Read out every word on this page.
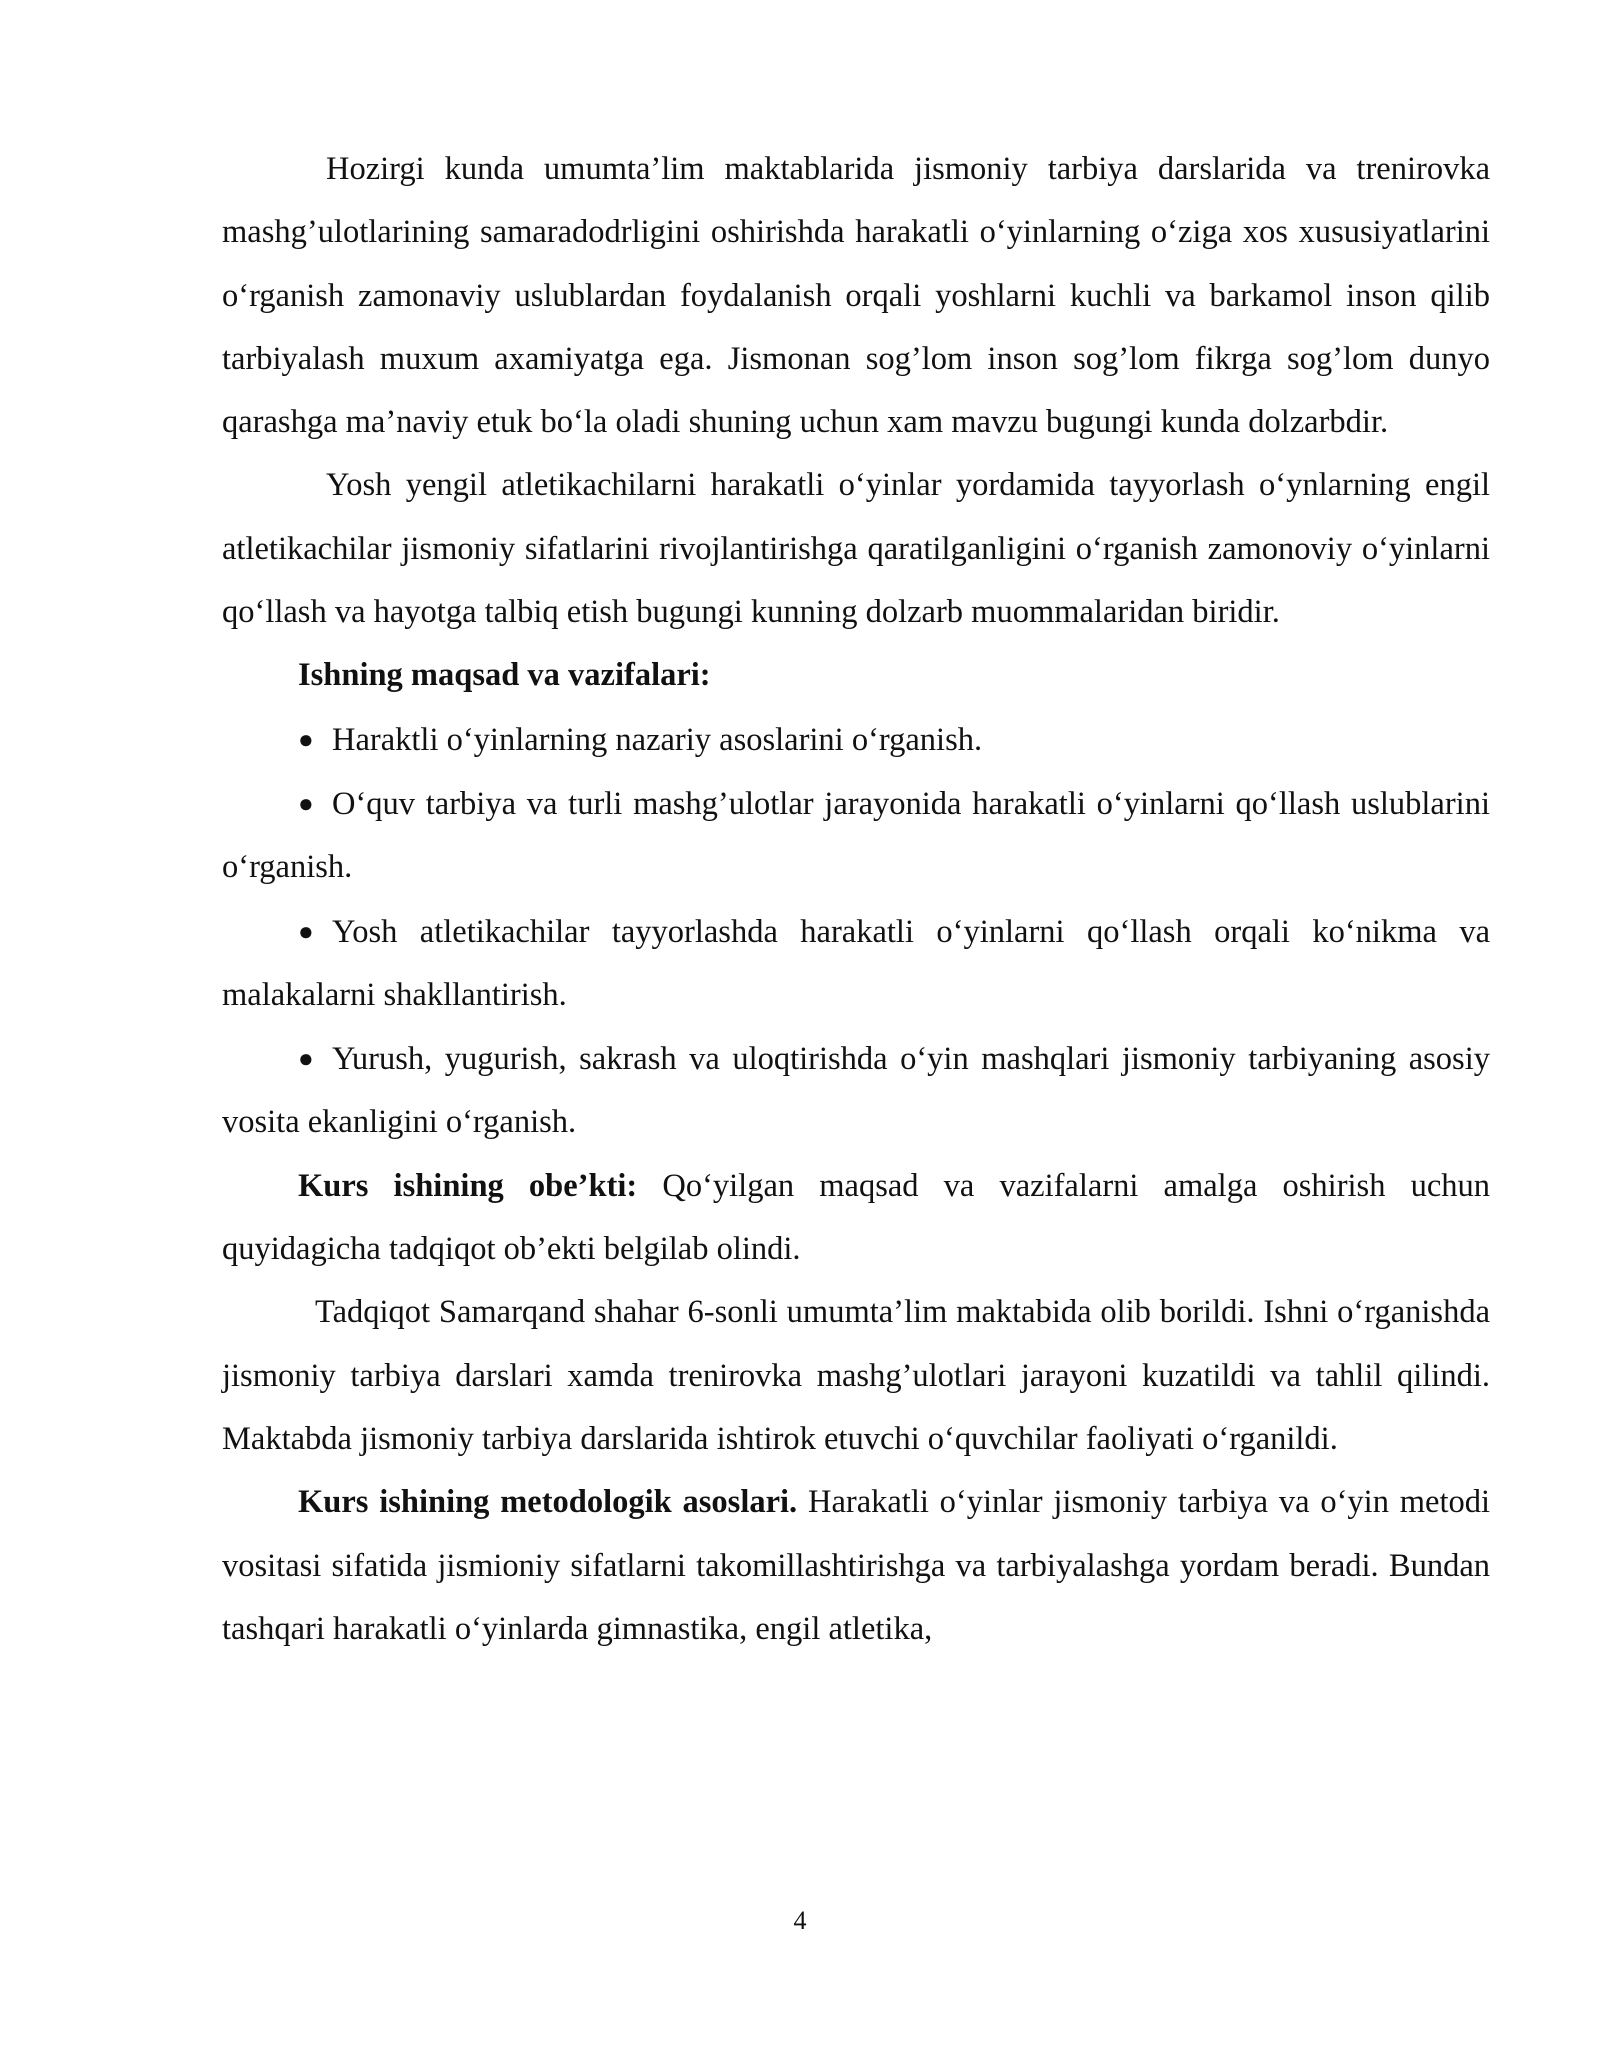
Hozirgi kunda umumta’lim maktablarida jismoniy tarbiya darslarida va trenirovka mashg’ulotlarining samaradodrligini oshirishda harakatli o‘yinlarning o‘ziga xos xususiyatlarini o‘rganish zamonaviy uslublardan foydalanish orqali yoshlarni kuchli va barkamol inson qilib tarbiyalash muxum axamiyatga ega. Jismonan sog’lom inson sog’lom fikrga sog’lom dunyo qarashga ma’naviy etuk bo‘la oladi shuning uchun xam mavzu bugungi kunda dolzarbdir.

Yosh yengil atletikachilarni harakatli o‘yinlar yordamida tayyorlash o‘ynlarning engil atletikachilar jismoniy sifatlarini rivojlantirishga qaratilganligini o‘rganish zamonoviy o‘yinlarni qo‘llash va hayotga talbiq etish bugungi kunning dolzarb muommalaridan biridir.

Ishning maqsad va vazifalari:

● Haraktli o‘yinlarning nazariy asoslarini o‘rganish.

● O‘quv tarbiya va turli mashg’ulotlar jarayonida harakatli o‘yinlarni qo‘llash uslublarini o‘rganish.

● Yosh atletikachilar tayyorlashda harakatli o‘yinlarni qo‘llash orqali ko‘nikma va malakalarni shakllantirish.

● Yurush, yugurish, sakrash va uloqtirishda o‘yin mashqlari jismoniy tarbiyaning asosiy vosita ekanligini o‘rganish.

Kurs ishining obe’kti: Qo‘yilgan maqsad va vazifalarni amalga oshirish uchun quyidagicha tadqiqot ob’ekti belgilab olindi.

Tadqiqot Samarqand shahar 6-sonli umumta’lim maktabida olib borildi. Ishni o‘rganishda jismoniy tarbiya darslari xamda trenirovka mashg’ulotlari jarayoni kuzatildi va tahlil qilindi. Maktabda jismoniy tarbiya darslarida ishtirok etuvchi o‘quvchilar faoliyati o‘rganildi.

Kurs ishining metodologik asoslari. Harakatli o‘yinlar jismoniy tarbiya va o‘yin metodi vositasi sifatida jismioniy sifatlarni takomillashtirishga va tarbiyalashga yordam beradi. Bundan tashqari harakatli o‘yinlarda gimnastika, engil atletika,

4
